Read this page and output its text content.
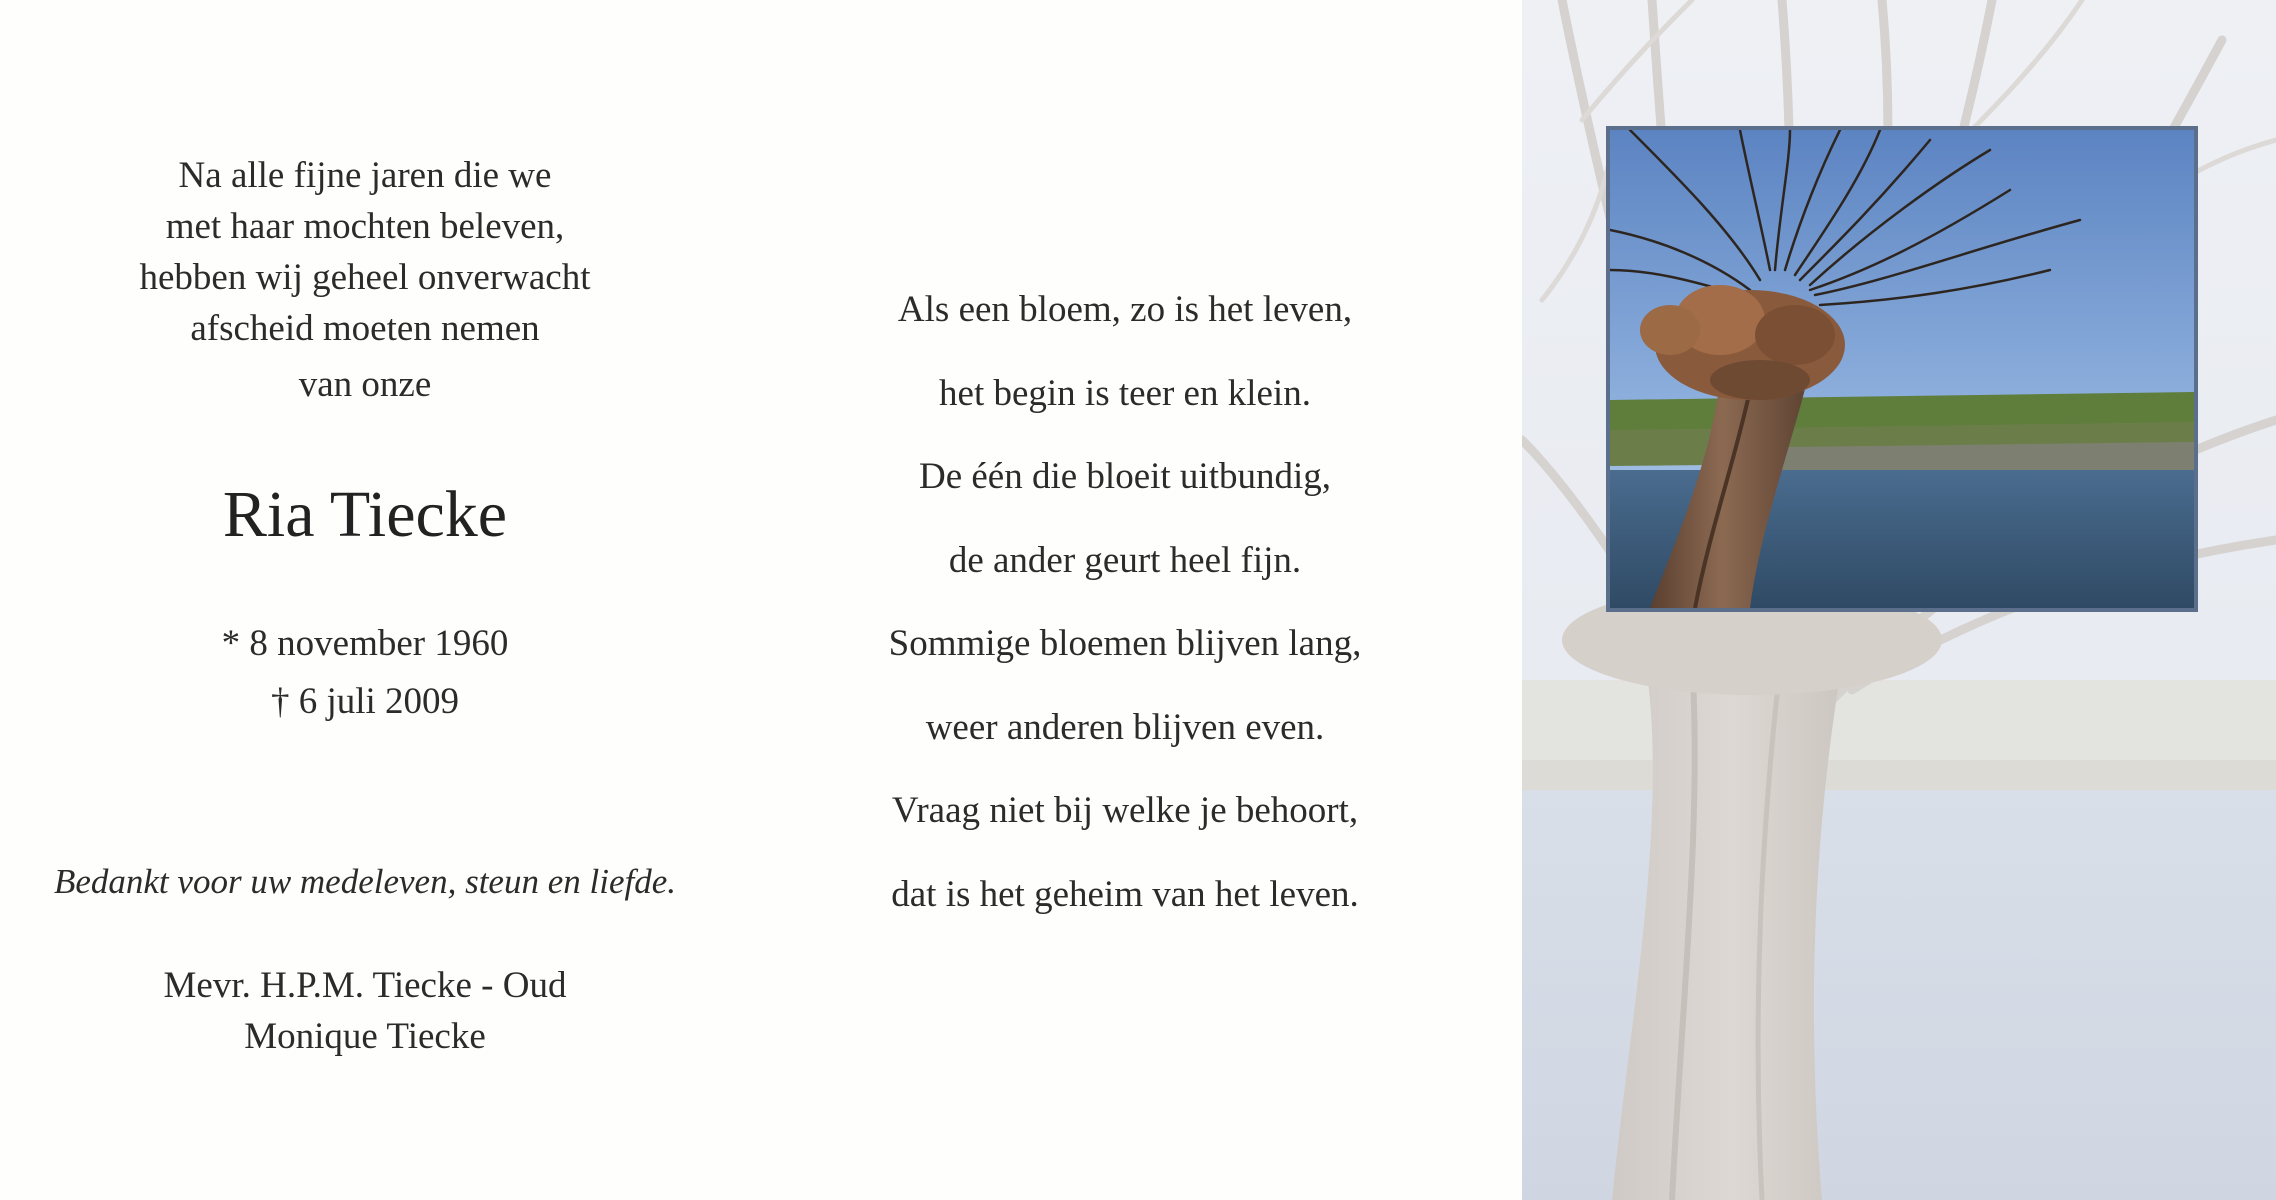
Na alle fijne jaren die we
met haar mochten beleven,
hebben wij geheel onverwacht
afscheid moeten nemen
van onze
Ria Tiecke
* 8 november 1960
† 6 juli 2009
Bedankt voor uw medeleven, steun en liefde.
Mevr. H.P.M. Tiecke - Oud
Monique Tiecke
Als een bloem, zo is het leven,
het begin is teer en klein.
De één die bloeit uitbundig,
de ander geurt heel fijn.
Sommige bloemen blijven lang,
weer anderen blijven even.
Vraag niet bij welke je behoort,
dat is het geheim van het leven.
